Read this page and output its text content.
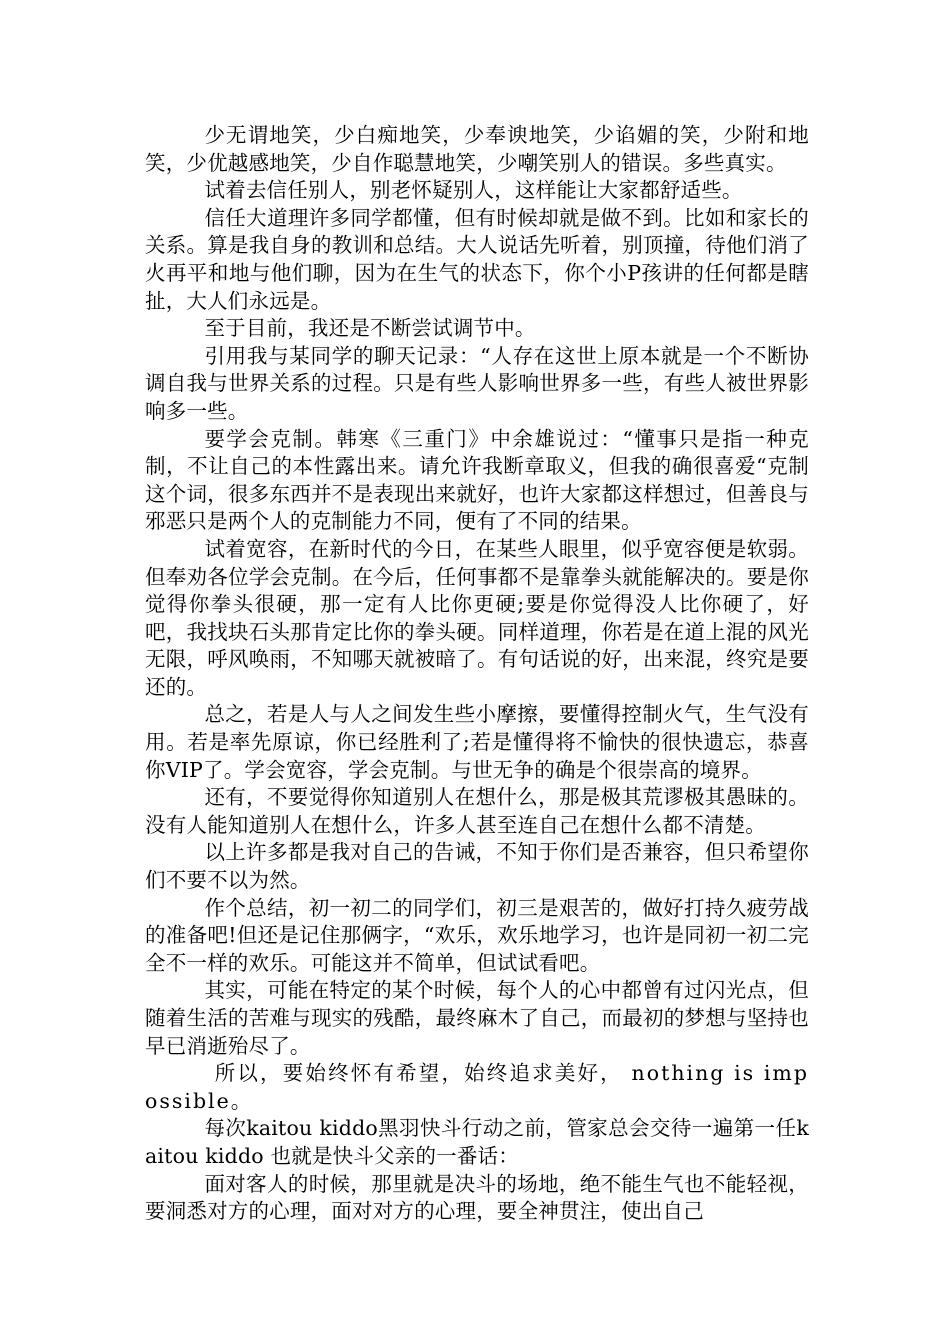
少无谓地笑，少白痴地笑，少奉谀地笑，少谄媚的笑，少附和地笑，少优越感地笑，少自作聪慧地笑，少嘲笑别人的错误。多些真实。

试着去信任别人，别老怀疑别人，这样能让大家都舒适些。

信任大道理许多同学都懂，但有时候却就是做不到。比如和家长的关系。算是我自身的教训和总结。大人说话先听着，别顶撞，待他们消了火再平和地与他们聊，因为在生气的状态下，你个小P孩讲的任何都是瞎扯，大人们永远是。

至于目前，我还是不断尝试调节中。

引用我与某同学的聊天记录：“人存在这世上原本就是一个不断协调自我与世界关系的过程。只是有些人影响世界多一些，有些人被世界影响多一些。

要学会克制。韩寒《三重门》中余雄说过：“懂事只是指一种克制，不让自己的本性露出来。请允许我断章取义，但我的确很喜爱“克制这个词，很多东西并不是表现出来就好，也许大家都这样想过，但善良与邪恶只是两个人的克制能力不同，便有了不同的结果。

试着宽容，在新时代的今日，在某些人眼里，似乎宽容便是软弱。但奉劝各位学会克制。在今后，任何事都不是靠拳头就能解决的。要是你觉得你拳头很硬，那一定有人比你更硬;要是你觉得没人比你硬了，好吧，我找块石头那肯定比你的拳头硬。同样道理，你若是在道上混的风光无限，呼风唤雨，不知哪天就被暗了。有句话说的好，出来混，终究是要还的。

总之，若是人与人之间发生些小摩擦，要懂得控制火气，生气没有用。若是率先原谅，你已经胜利了;若是懂得将不愉快的很快遗忘，恭喜你VIP了。学会宽容，学会克制。与世无争的确是个很崇高的境界。

还有，不要觉得你知道别人在想什么，那是极其荒谬极其愚昧的。没有人能知道别人在想什么，许多人甚至连自己在想什么都不清楚。

以上许多都是我对自己的告诫，不知于你们是否兼容，但只希望你们不要不以为然。

作个总结，初一初二的同学们，初三是艰苦的，做好打持久疲劳战的准备吧!但还是记住那俩字，“欢乐，欢乐地学习，也许是同初一初二完全不一样的欢乐。可能这并不简单，但试试看吧。

其实，可能在特定的某个时候，每个人的心中都曾有过闪光点，但随着生活的苦难与现实的残酷，最终麻木了自己，而最初的梦想与坚持也早已消逝殆尽了。

所以，要始终怀有希望，始终追求美好， nothing is impossible。

每次kaitou kiddo黑羽快斗行动之前，管家总会交待一遍第一任kaitou kiddo 也就是快斗父亲的一番话：

面对客人的时候，那里就是决斗的场地，绝不能生气也不能轻视，要洞悉对方的心理，面对对方的心理，要全神贯注，使出自己
